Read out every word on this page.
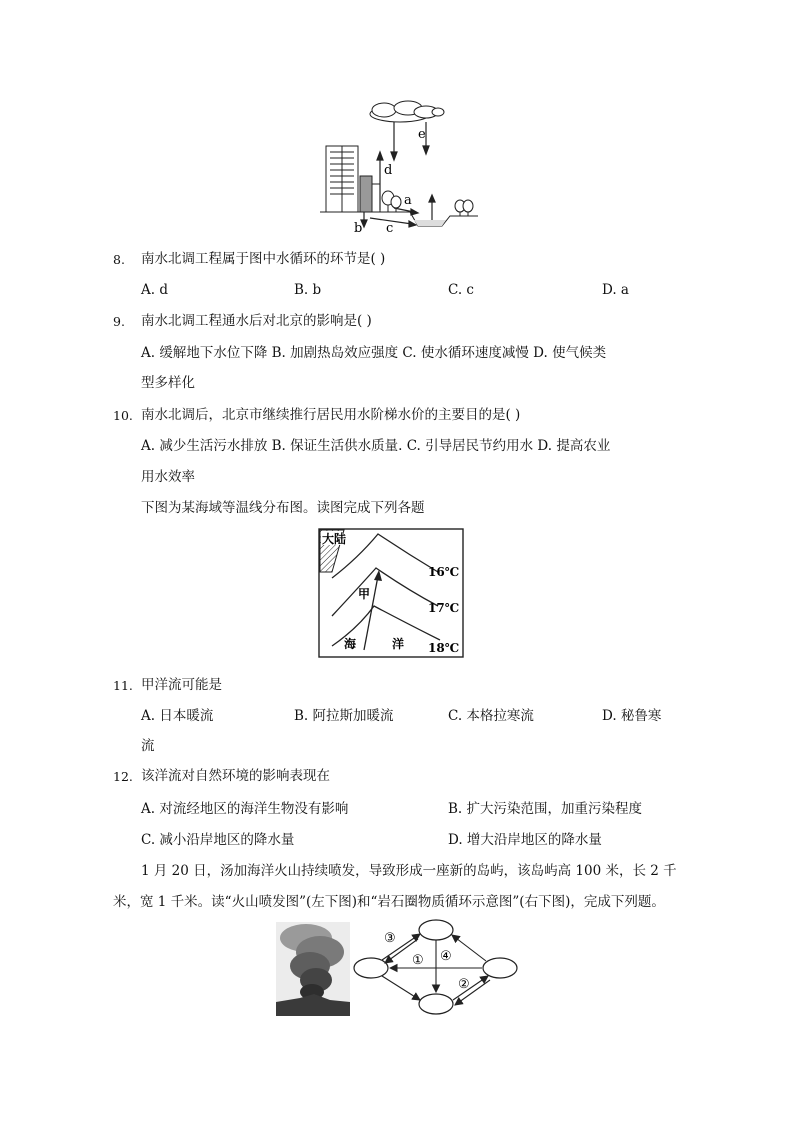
d
e
a
b c
8. 南水北调工程属于图中水循环的环节是( )
A. d	B. b	C. c	D. a
9. 南水北调工程通水后对北京的影响是( )
A. 缓解地下水位下降 B. 加剧热岛效应强度 C. 使水循环速度减慢 D. 使气候类
型多样化
10. 南水北调后，北京市继续推行居民用水阶梯水价的主要目的是( )
A. 减少生活污水排放 B. 保证生活供水质量. C. 引导居民节约用水 D. 提高农业
用水效率
下图为某海域等温线分布图。读图完成下列各题
大陆
甲
海	洋
16℃
17℃
18℃
11. 甲洋流可能是
A. 日本暖流	B. 阿拉斯加暖流	C. 本格拉寒流	D. 秘鲁寒
流
12. 该洋流对自然环境的影响表现在
A. 对流经地区的海洋生物没有影响	B. 扩大污染范围，加重污染程度
C. 减小沿岸地区的降水量	D. 增大沿岸地区的降水量
1 月 20 日，汤加海洋火山持续喷发，导致形成一座新的岛屿，该岛屿高 100 米，长 2 千
米，宽 1 千米。读“火山喷发图”(左下图)和“岩石圈物质循环示意图”(右下图)，完成下列题。
③
① ④
②
